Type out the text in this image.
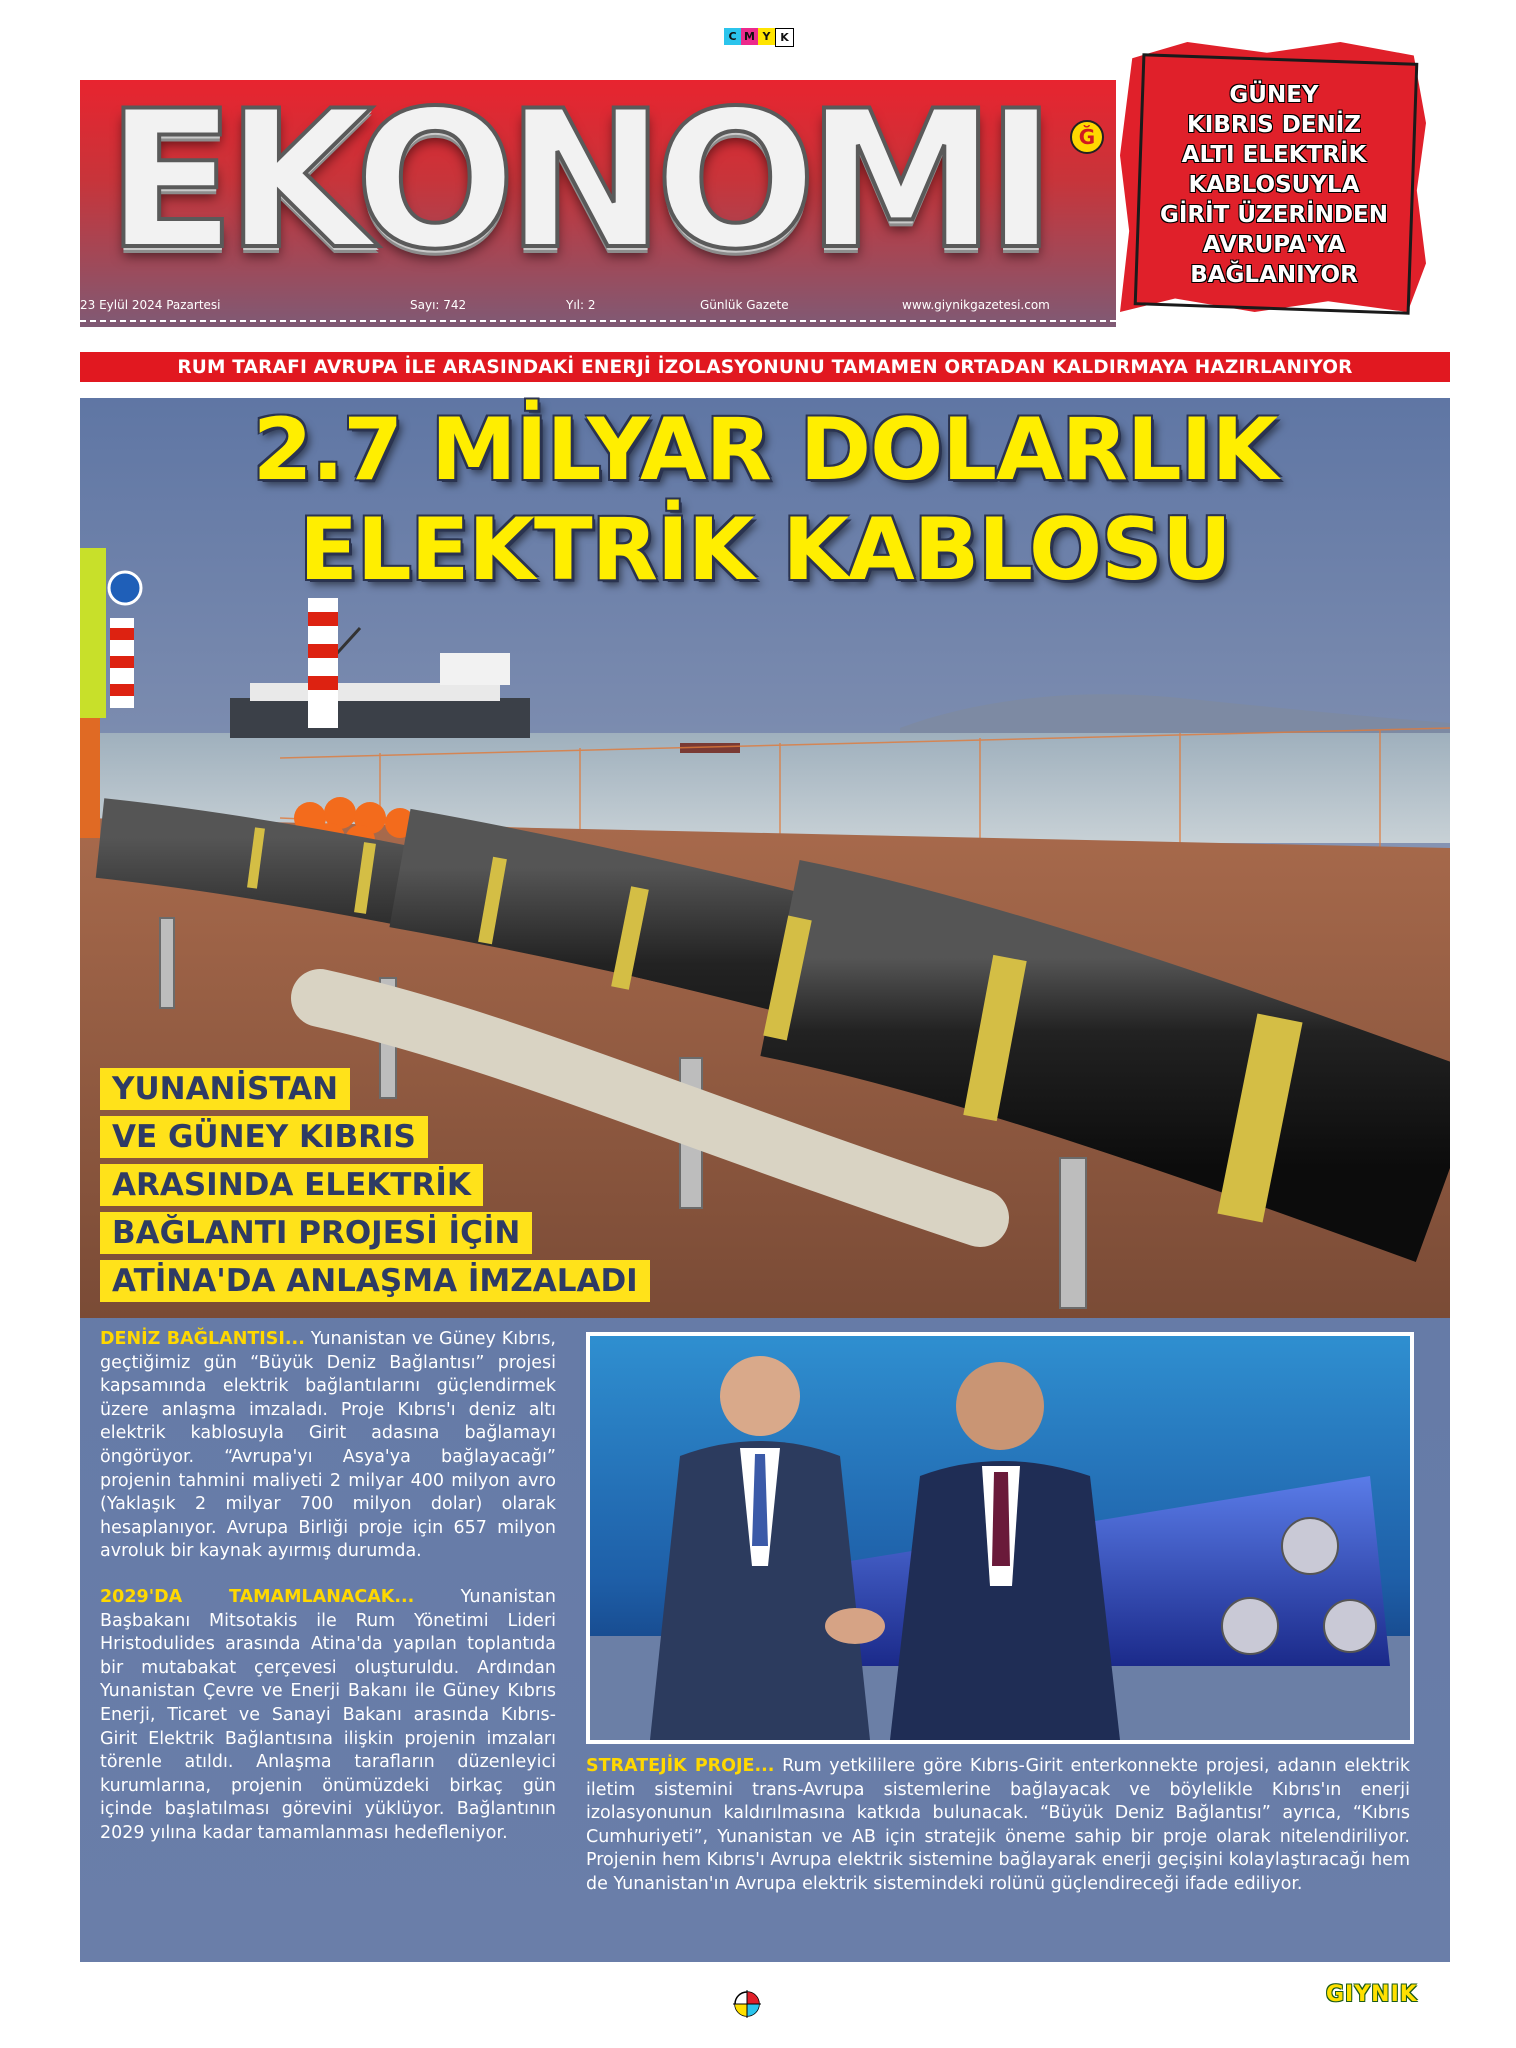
C M Y K
EKONOMI	Ğ
23 Eylül 2024 Pazartesi	Sayı: 742	Yıl: 2	Günlük Gazete	www.giynikgazetesi.com
GÜNEY
KIBRIS DENİZ
ALTI ELEKTRİK
KABLOSUYLA
GİRİT ÜZERİNDEN
AVRUPA'YA
BAĞLANIYOR
RUM TARAFI AVRUPA İLE ARASINDAKİ ENERJİ İZOLASYONUNU TAMAMEN ORTADAN KALDIRMAYA HAZIRLANIYOR
2.7 MİLYAR DOLARLIK
ELEKTRİK KABLOSU
YUNANİSTAN
VE GÜNEY KIBRIS
ARASINDA ELEKTRİK
BAĞLANTI PROJESİ İÇİN
ATİNA'DA ANLAŞMA İMZALADI

DENİZ BAĞLANTISI... Yunanistan ve Güney Kıbrıs, geçtiğimiz gün “Büyük Deniz Bağlantısı” projesi kapsamında elektrik bağlantılarını güçlendirmek üzere anlaşma imzaladı. Proje Kıbrıs'ı deniz altı elektrik kablosuyla Girit adasına bağlamayı öngörüyor. “Avrupa'yı Asya'ya bağlayacağı” projenin tahmini maliyeti 2 milyar 400 milyon avro (Yaklaşık 2 milyar 700 milyon dolar) olarak hesaplanıyor. Avrupa Birliği proje için 657 milyon avroluk bir kaynak ayırmış durumda.

2029'DA TAMAMLANACAK... Yunanistan Başbakanı Mitsotakis ile Rum Yönetimi Lideri Hristodulides arasında Atina'da yapılan toplantıda bir mutabakat çerçevesi oluşturuldu. Ardından Yunanistan Çevre ve Enerji Bakanı ile Güney Kıbrıs Enerji, Ticaret ve Sanayi Bakanı arasında Kıbrıs-Girit Elektrik Bağlantısına ilişkin projenin imzaları törenle atıldı. Anlaşma tarafların düzenleyici kurumlarına, projenin önümüzdeki birkaç gün içinde başlatılması görevini yüklüyor. Bağlantının 2029 yılına kadar tamamlanması hedefleniyor.

STRATEJİK PROJE... Rum yetkililere göre Kıbrıs-Girit enterkonnekte projesi, adanın elektrik iletim sistemini trans-Avrupa sistemlerine bağlayacak ve böylelikle Kıbrıs'ın enerji izolasyonunun kaldırılmasına katkıda bulunacak. “Büyük Deniz Bağlantısı” ayrıca, “Kıbrıs Cumhuriyeti”, Yunanistan ve AB için stratejik öneme sahip bir proje olarak nitelendiriliyor. Projenin hem Kıbrıs'ı Avrupa elektrik sistemine bağlayarak enerji geçişini kolaylaştıracağı hem de Yunanistan'ın Avrupa elektrik sistemindeki rolünü güçlendireceği ifade ediliyor.

GIYNIK
